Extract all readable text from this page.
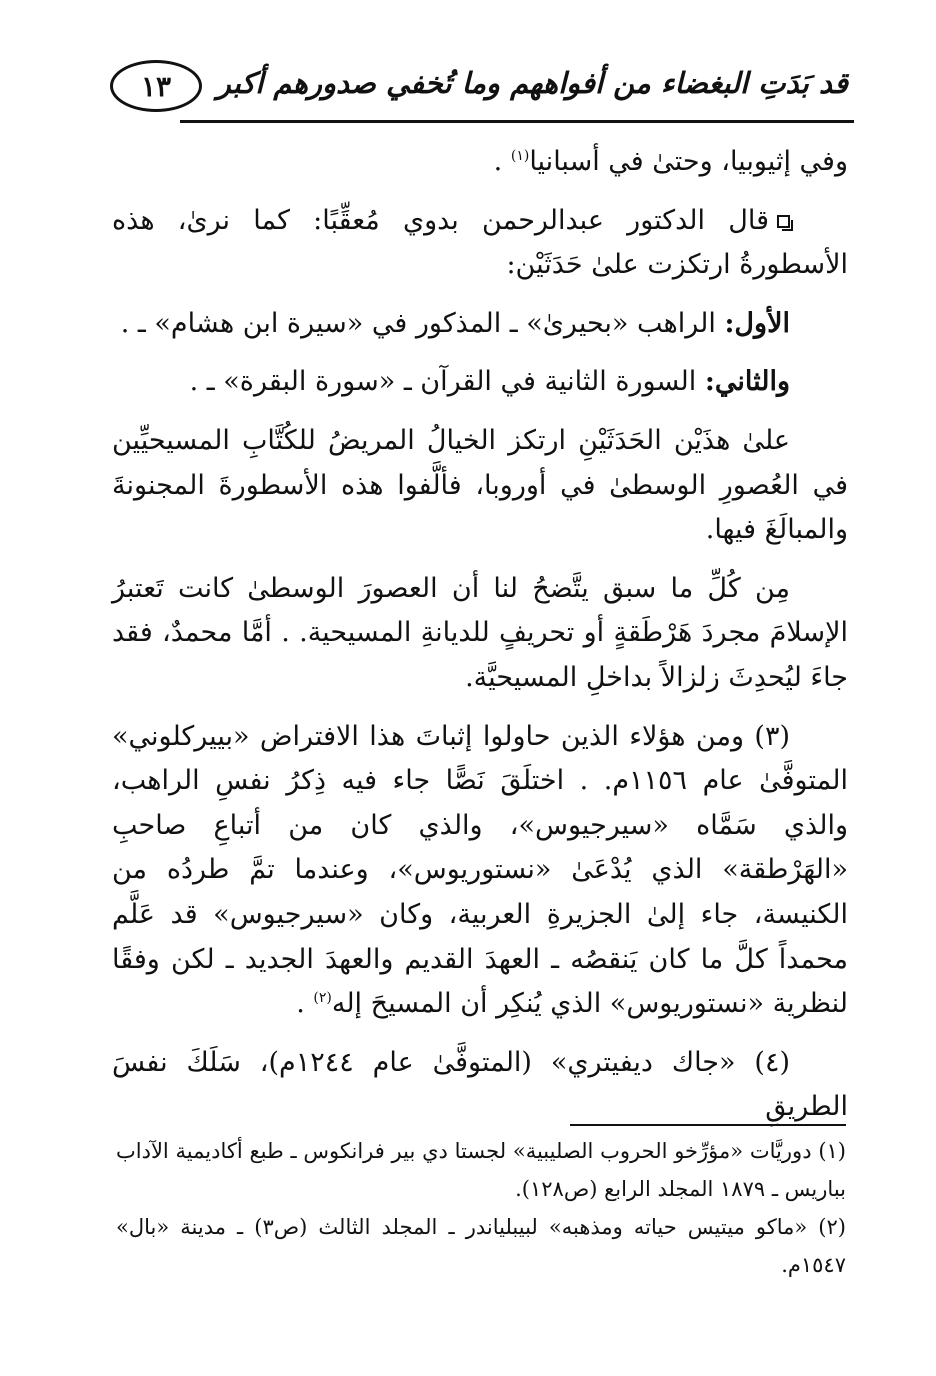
١٣	قد بَدَتِ البغضاء من أفواههم وما تُخفي صدورهم أكبر

وفي إثيوبيا، وحتىٰ في أسبانيا$^{(١)}$ .

قال الدكتور عبدالرحمن بدوي مُعقِّبًا: كما نرىٰ، هذه الأسطورةُ ارتكزت علىٰ حَدَثَيْن:

الأول: الراهب «بحيرىٰ» ـ المذكور في «سيرة ابن هشام» ـ .

والثاني: السورة الثانية في القرآن ـ «سورة البقرة» ـ .

علىٰ هذَيْن الحَدَثَيْنِ ارتكز الخيالُ المريضُ للكُتَّابِ المسيحيِّين في العُصورِ الوسطىٰ في أوروبا، فألَّفوا هذه الأسطورةَ المجنونةَ والمبالَغَ فيها.

مِن كُلِّ ما سبق يتَّضحُ لنا أن العصورَ الوسطىٰ كانت تَعتبرُ الإسلامَ مجردَ هَرْطَقةٍ أو تحريفٍ للديانةِ المسيحية. . أمَّا محمدٌ، فقد جاءَ ليُحدِثَ زلزالاً بداخلِ المسيحيَّة.

(٣) ومن هؤلاء الذين حاولوا إثباتَ هذا الافتراض «بييركلوني» المتوفَّىٰ عام ١١٥٦م. . اختلَقَ نَصًّا جاء فيه ذِكرُ نفسِ الراهب، والذي سَمَّاه «سيرجيوس»، والذي كان من أتباعِ صاحبِ «الهَرْطقة» الذي يُدْعَىٰ «نستوريوس»، وعندما تمَّ طردُه من الكنيسة، جاء إلىٰ الجزيرةِ العربية، وكان «سيرجيوس» قد عَلَّم محمداً كلَّ ما كان يَنقصُه ـ العهدَ القديم والعهدَ الجديد ـ لكن وفقًا لنظرية «نستوريوس» الذي يُنكِر أن المسيحَ إله$^{(٢)}$ .

(٤) «جاك ديفيتري» (المتوفَّىٰ عام ١٢٤٤م)، سَلَكَ نفسَ الطريقِ

(١) دوريَّات «مؤرِّخو الحروب الصليبية» لجستا دي بير فرانكوس ـ طبع أكاديمية الآداب بباريس ـ ١٨٧٩ المجلد الرابع (ص١٢٨).

(٢) «ماكو ميتيس حياته ومذهبه» لبيبلياندر ـ المجلد الثالث (ص٣) ـ مدينة «بال» ١٥٤٧م.
